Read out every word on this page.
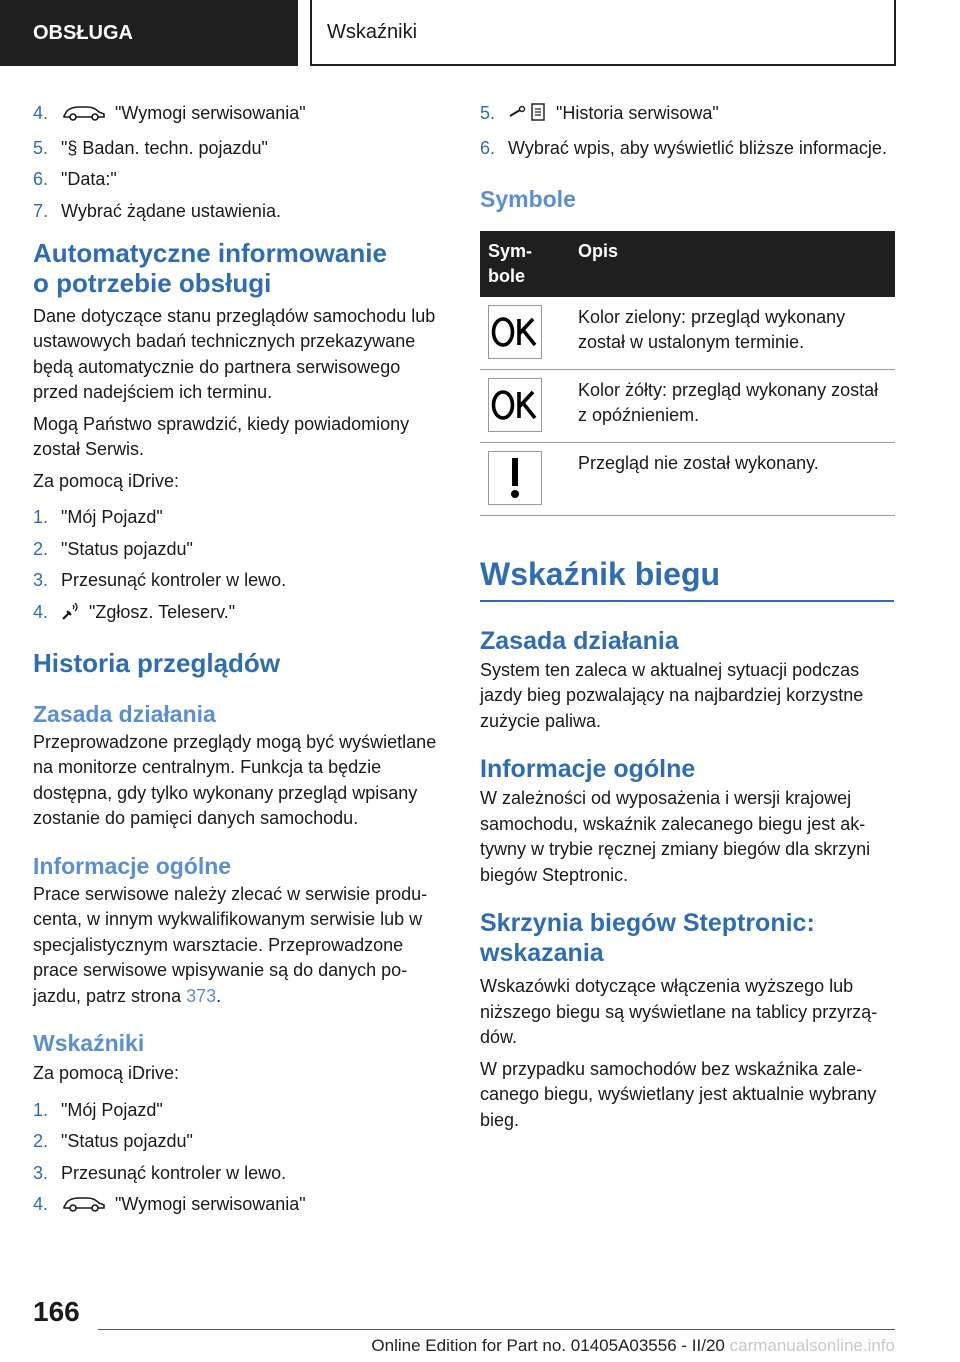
OBSŁUGA	Wskaźniki
4.	"Wymogi serwisowania"
5. "§ Badan. techn. pojazdu"
6. "Data:"
7. Wybrać żądane ustawienia.
Automatyczne informowanie
o potrzebie obsługi

Dane dotyczące stanu przeglądów samochodu lub ustawowych badań technicznych przekazywane będą automatycznie do partnera serwisowego przed nadejściem ich terminu.

Mogą Państwo sprawdzić, kiedy powiadomiony został Serwis.

Za pomocą iDrive:

1. "Mój Pojazd"
2. "Status pojazdu"
3. Przesunąć kontroler w lewo.
4. "Zgłosz. Teleserv."
Historia przeglądów
Zasada działania

Przeprowadzone przeglądy mogą być wyświetlane na monitorze centralnym. Funkcja ta będzie dostępna, gdy tylko wykonany przegląd wpisany zostanie do pamięci danych samochodu.

Informacje ogólne

Prace serwisowe należy zlecać w serwisie producenta, w innym wykwalifikowanym serwisie lub w specjalistycznym warsztacie. Przeprowadzone prace serwisowe wpisywanie są do danych pojazdu, patrz strona 373.

Wskaźniki

Za pomocą iDrive:

1. "Mój Pojazd"
2. "Status pojazdu"
3. Przesunąć kontroler w lewo.
4.	"Wymogi serwisowania"
5.	"Historia serwisowa"
6. Wybrać wpis, aby wyświetlić bliższe informacje.
Symbole
Symbole	Opis

	Kolor zielony: przegląd wykonany został w ustalonym terminie.

	Kolor żółty: przegląd wykonany został z opóźnieniem.

	Przegląd nie został wykonany.
Wskaźnik biegu
Zasada działania

System ten zaleca w aktualnej sytuacji podczas jazdy bieg pozwalający na najbardziej korzystne zużycie paliwa.

Informacje ogólne

W zależności od wyposażenia i wersji krajowej samochodu, wskaźnik zalecanego biegu jest aktywny w trybie ręcznej zmiany biegów dla skrzyni biegów Steptronic.

Skrzynia biegów Steptronic:
wskazania

Wskazówki dotyczące włączenia wyższego lub niższego biegu są wyświetlane na tablicy przyrządów.

W przypadku samochodów bez wskaźnika zalecanego biegu, wyświetlany jest aktualnie wybrany bieg.

166
Online Edition for Part no. 01405A03556 - II/20 carmanualsonline.info
